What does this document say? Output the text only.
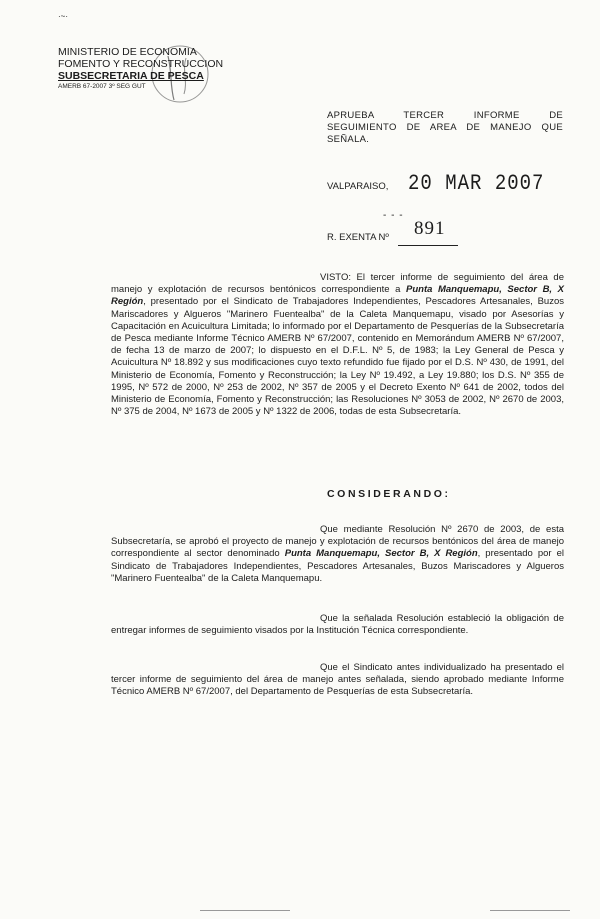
·~·
MINISTERIO DE ECONOMIA
FOMENTO Y RECONSTRUCCION
SUBSECRETARIA DE PESCA
AMERB 67-2007 3º SEG GUT
APRUEBA TERCER INFORME DE
SEGUIMIENTO DE AREA DE MANEJO QUE
SEÑALA.
VALPARAISO, 20 MAR 2007
- - -
R. EXENTA Nº 891
VISTO: El tercer informe de seguimiento del área de manejo y explotación de recursos bentónicos correspondiente a Punta Manquemapu, Sector B, X Región, presentado por el Sindicato de Trabajadores Independientes, Pescadores Artesanales, Buzos Mariscadores y Algueros "Marinero Fuentealba" de la Caleta Manquemapu, visado por Asesorías y Capacitación en Acuicultura Limitada; lo informado por el Departamento de Pesquerías de la Subsecretaría de Pesca mediante Informe Técnico AMERB Nº 67/2007, contenido en Memorándum AMERB Nº 67/2007, de fecha 13 de marzo de 2007; lo dispuesto en el D.F.L. Nº 5, de 1983; la Ley General de Pesca y Acuicultura Nº 18.892 y sus modificaciones cuyo texto refundido fue fijado por el D.S. Nº 430, de 1991, del Ministerio de Economía, Fomento y Reconstrucción; la Ley Nº 19.492, a Ley 19.880; los D.S. Nº 355 de 1995, Nº 572 de 2000, Nº 253 de 2002, Nº 357 de 2005 y el Decreto Exento Nº 641 de 2002, todos del Ministerio de Economía, Fomento y Reconstrucción; las Resoluciones Nº 3053 de 2002, Nº 2670 de 2003, Nº 375 de 2004, Nº 1673 de 2005 y Nº 1322 de 2006, todas de esta Subsecretaría.
CONSIDERANDO:
Que mediante Resolución Nº 2670 de 2003, de esta Subsecretaría, se aprobó el proyecto de manejo y explotación de recursos bentónicos del área de manejo correspondiente al sector denominado Punta Manquemapu, Sector B, X Región, presentado por el Sindicato de Trabajadores Independientes, Pescadores Artesanales, Buzos Mariscadores y Algueros "Marinero Fuentealba" de la Caleta Manquemapu.
Que la señalada Resolución estableció la obligación de entregar informes de seguimiento visados por la Institución Técnica correspondiente.
Que el Sindicato antes individualizado ha presentado el tercer informe de seguimiento del área de manejo antes señalada, siendo aprobado mediante Informe Técnico AMERB Nº 67/2007, del Departamento de Pesquerías de esta Subsecretaría.
